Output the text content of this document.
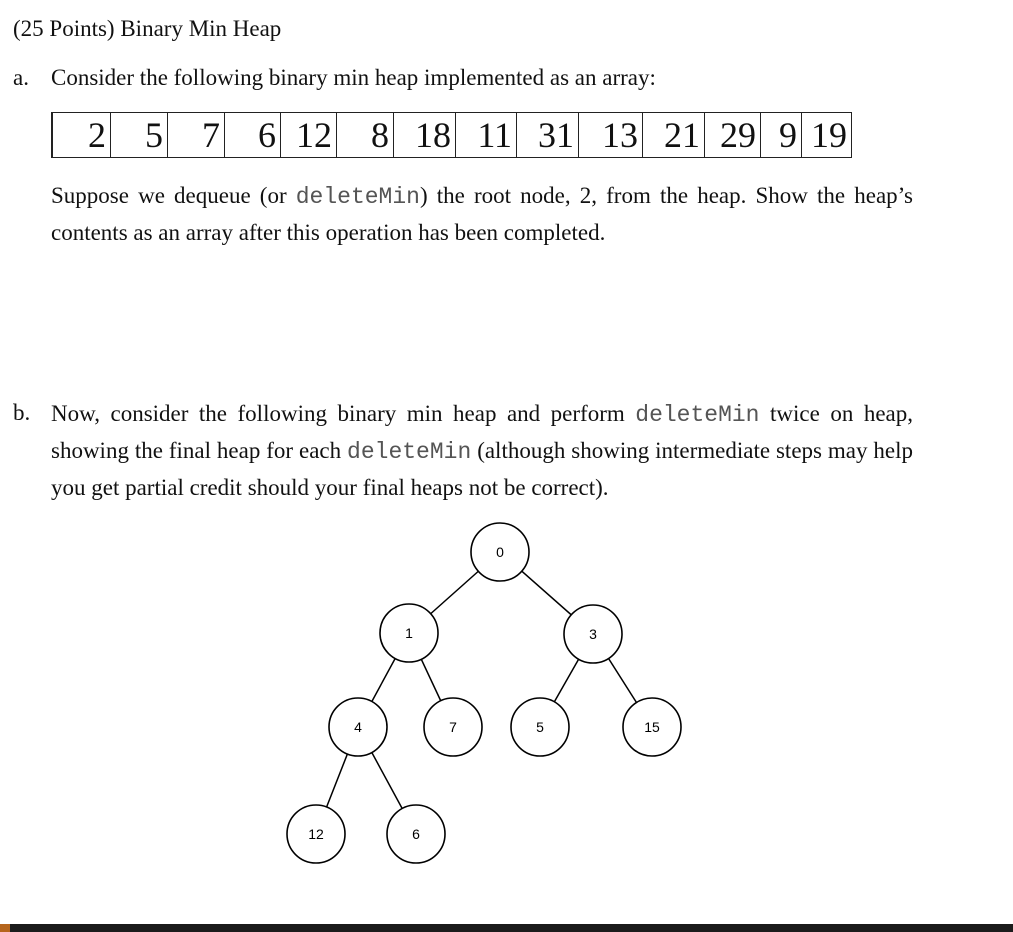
(25 Points) Binary Min Heap
a. Consider the following binary min heap implemented as an array:
2	5	7	6 12	8 18 11 31 13 21 29 9 19
Suppose we dequeue (or deleteMin) the root node, 2, from the heap. Show the heap’s contents as an array after this operation has been completed.
b. Now, consider the following binary min heap and perform deleteMin twice on heap, showing the final heap for each deleteMin (although showing intermediate steps may help you get partial credit should your final heaps not be correct).
0
1	3
4	7	5	15
12	6
